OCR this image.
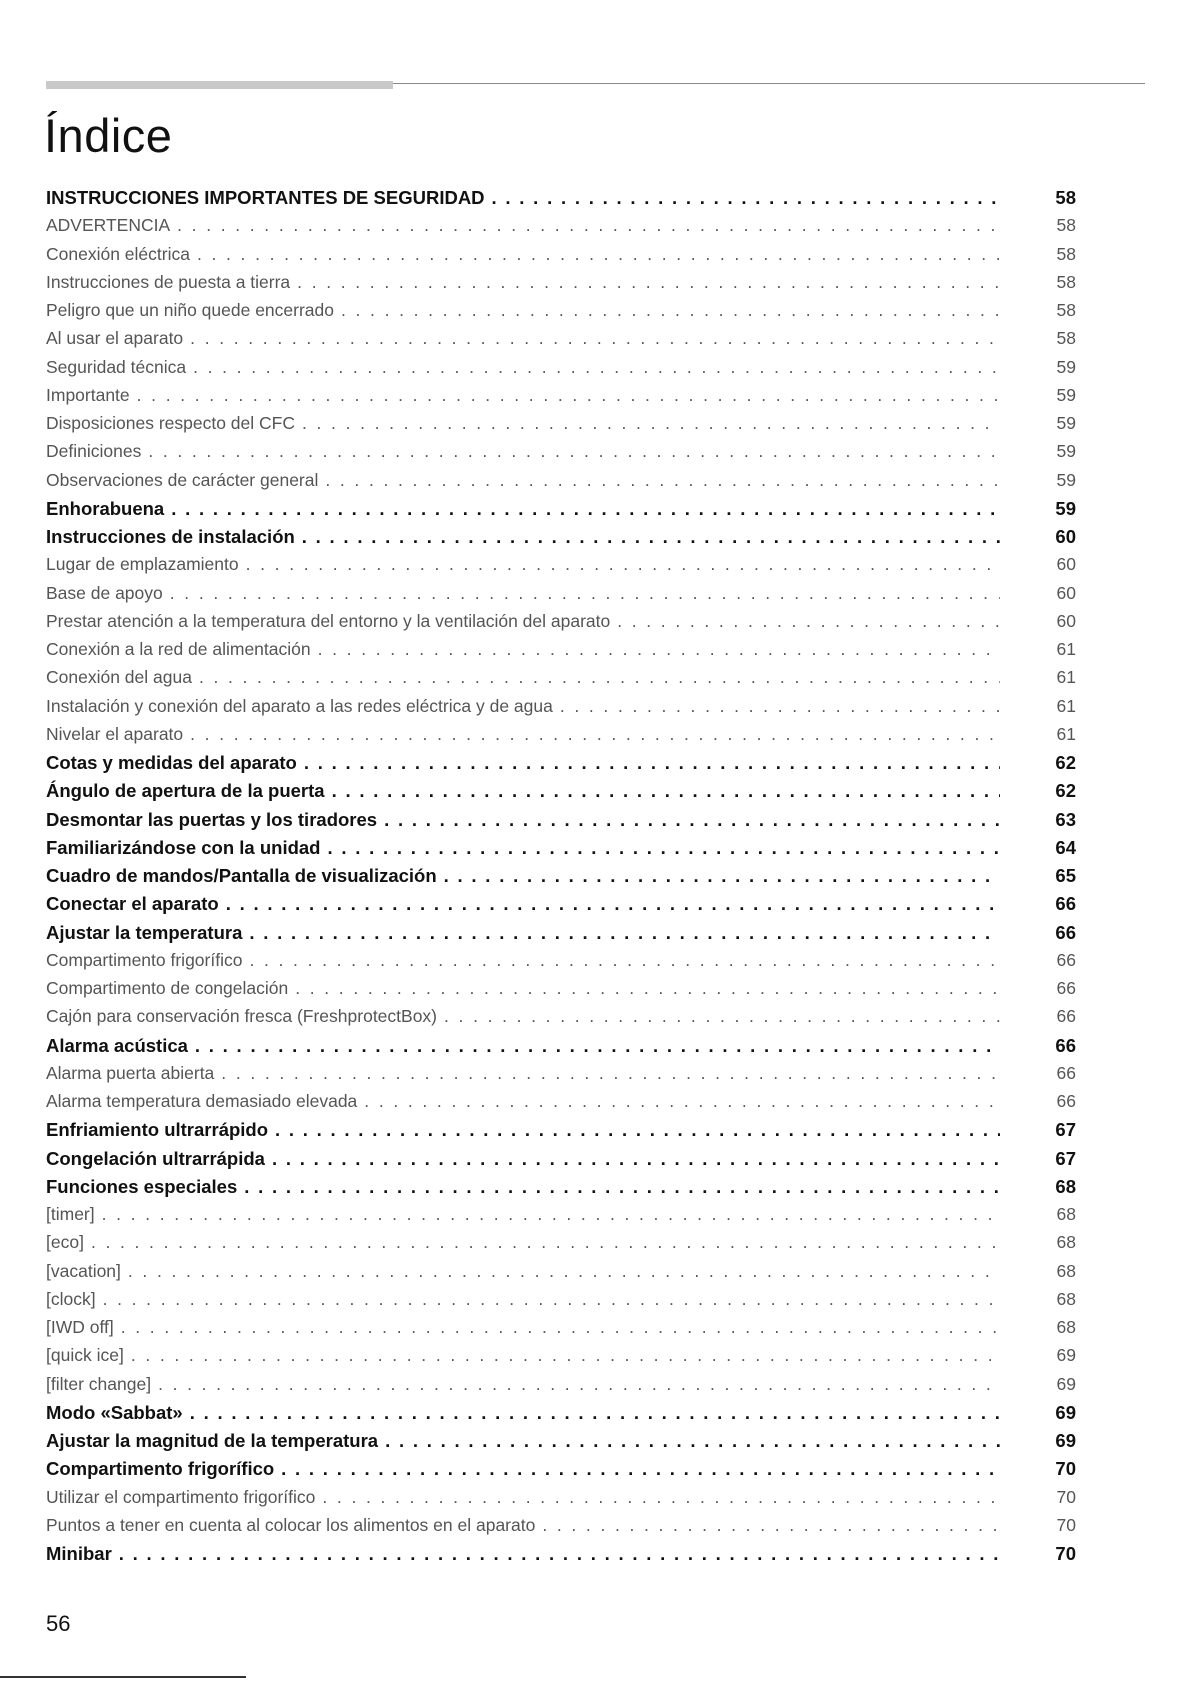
Índice
INSTRUCCIONES IMPORTANTES DE SEGURIDAD . . .	58
ADVERTENCIA . . .	58
Conexión eléctrica . . .	58
Instrucciones de puesta a tierra . . .	58
Peligro que un niño quede encerrado . . .	58
Al usar el aparato . . .	58
Seguridad técnica . . .	59
Importante . . .	59
Disposiciones respecto del CFC . . .	59
Definiciones . . .	59
Observaciones de carácter general . . .	59
Enhorabuena . . .	59
Instrucciones de instalación . . .	60
Lugar de emplazamiento . . .	60
Base de apoyo . . .	60
Prestar atención a la temperatura del entorno y la ventilación del aparato . . .	60
Conexión a la red de alimentación . . .	61
Conexión del agua . . .	61
Instalación y conexión del aparato a las redes eléctrica y de agua . . .	61
Nivelar el aparato . . .	61
Cotas y medidas del aparato . . .	62
Ángulo de apertura de la puerta . . .	62
Desmontar las puertas y los tiradores . . .	63
Familiarizándose con la unidad . . .	64
Cuadro de mandos/Pantalla de visualización . . .	65
Conectar el aparato . . .	66
Ajustar la temperatura . . .	66
Compartimento frigorífico . . .	66
Compartimento de congelación . . .	66
Cajón para conservación fresca (FreshprotectBox) . . .	66
Alarma acústica . . .	66
Alarma puerta abierta . . .	66
Alarma temperatura demasiado elevada . . .	66
Enfriamiento ultrarrápido . . .	67
Congelación ultrarrápida . . .	67
Funciones especiales . . .	68
[timer] . . .	68
[eco] . . .	68
[vacation] . . .	68
[clock] . . .	68
[IWD off] . . .	68
[quick ice] . . .	69
[filter change] . . .	69
Modo «Sabbat» . . .	69
Ajustar la magnitud de la temperatura . . .	69
Compartimento frigorífico . . .	70
Utilizar el compartimento frigorífico . . .	70
Puntos a tener en cuenta al colocar los alimentos en el aparato . . .	70
Minibar . . .	70
56
